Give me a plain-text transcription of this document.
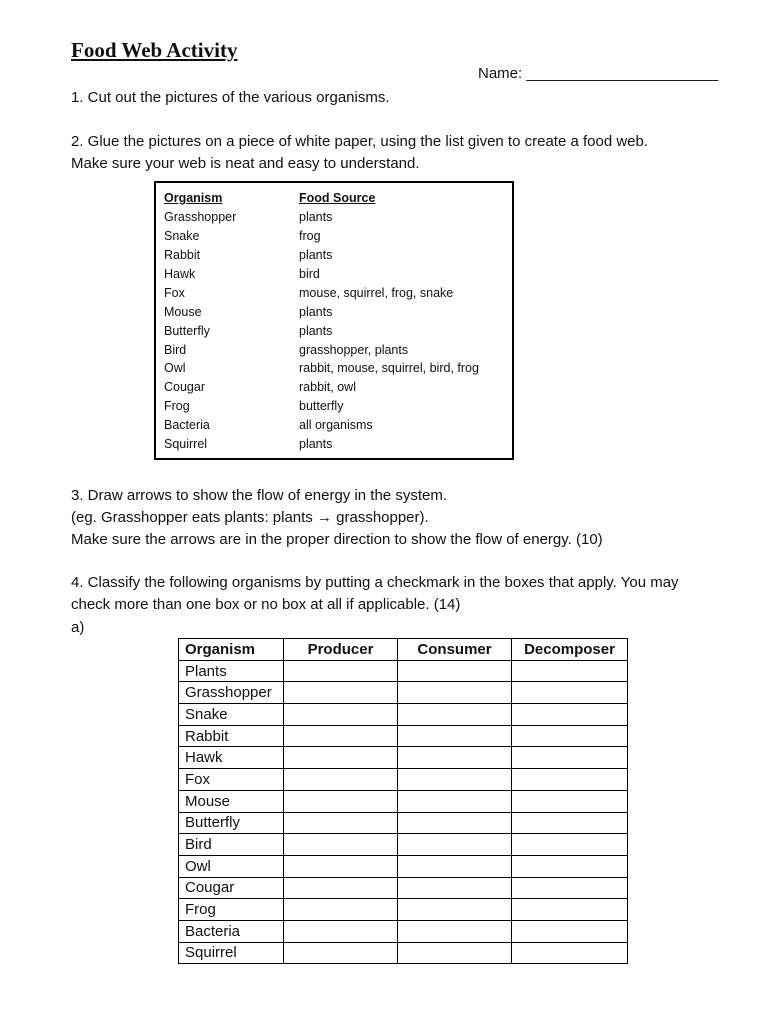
Food Web Activity
Name: _______________________

1. Cut out the pictures of the various organisms.

2. Glue the pictures on a piece of white paper, using the list given to create a food web.
Make sure your web is neat and easy to understand.

Organism	Food Source
Grasshopper	plants
Snake	frog
Rabbit	plants
Hawk	bird
Fox	mouse, squirrel, frog, snake
Mouse	plants
Butterfly	plants
Bird	grasshopper, plants
Owl	rabbit, mouse, squirrel, bird, frog
Cougar	rabbit, owl
Frog	butterfly
Bacteria	all organisms
Squirrel	plants

3. Draw arrows to show the flow of energy in the system.
(eg. Grasshopper eats plants: plants → grasshopper).
Make sure the arrows are in the proper direction to show the flow of energy. (10)

4. Classify the following organisms by putting a checkmark in the boxes that apply. You may
check more than one box or no box at all if applicable. (14)

a)

Organism	Producer	Consumer	Decomposer
Plants			
Grasshopper			
Snake			
Rabbit			
Hawk			
Fox			
Mouse			
Butterfly			
Bird			
Owl			
Cougar			
Frog			
Bacteria			
Squirrel			
